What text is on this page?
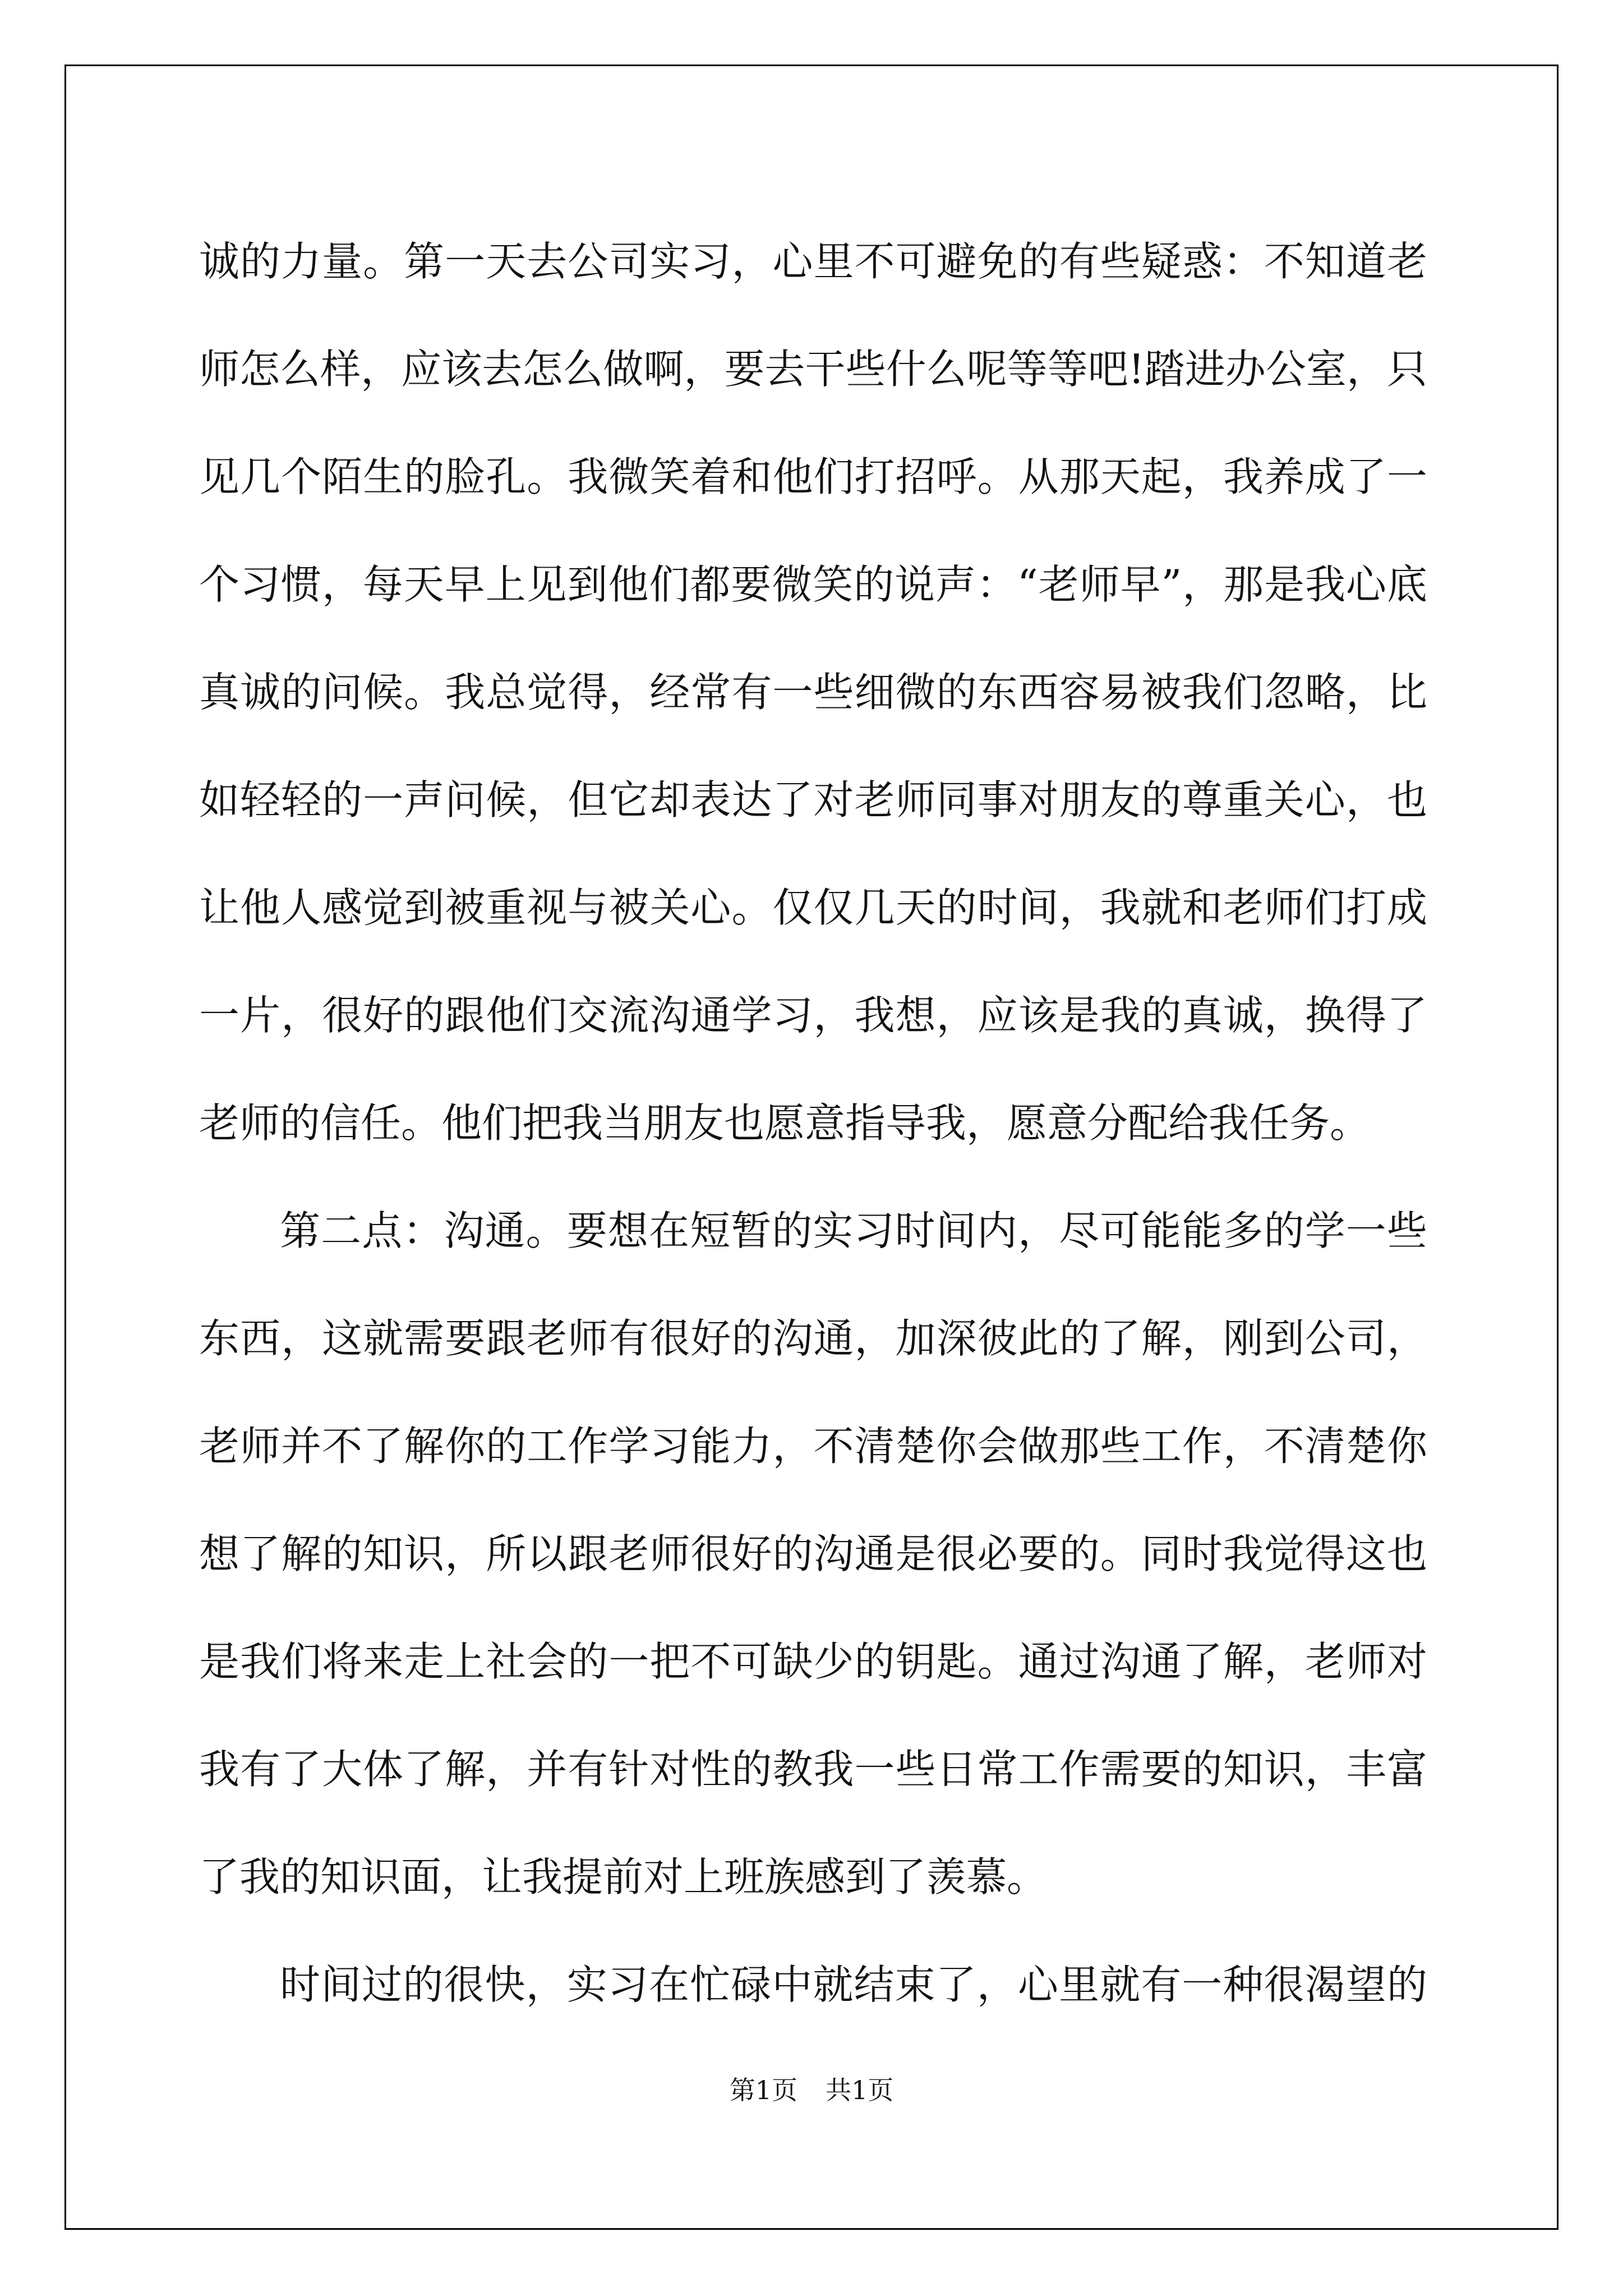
诚的力量。第一天去公司实习，心里不可避免的有些疑惑：不知道老
师怎么样，应该去怎么做啊，要去干些什么呢等等吧!踏进办公室，只
见几个陌生的脸孔。我微笑着和他们打招呼。从那天起，我养成了一
个习惯，每天早上见到他们都要微笑的说声：“老师早”，那是我心底
真诚的问候。我总觉得，经常有一些细微的东西容易被我们忽略，比
如轻轻的一声问候，但它却表达了对老师同事对朋友的尊重关心，也
让他人感觉到被重视与被关心。仅仅几天的时间，我就和老师们打成
一片，很好的跟他们交流沟通学习，我想，应该是我的真诚，换得了
老师的信任。他们把我当朋友也愿意指导我，愿意分配给我任务。
第二点：沟通。要想在短暂的实习时间内，尽可能能多的学一些
东西，这就需要跟老师有很好的沟通，加深彼此的了解，刚到公司，
老师并不了解你的工作学习能力，不清楚你会做那些工作，不清楚你
想了解的知识，所以跟老师很好的沟通是很必要的。同时我觉得这也
是我们将来走上社会的一把不可缺少的钥匙。通过沟通了解，老师对
我有了大体了解，并有针对性的教我一些日常工作需要的知识，丰富
了我的知识面，让我提前对上班族感到了羡慕。
时间过的很快，实习在忙碌中就结束了，心里就有一种很渴望的
第1页 共1页
